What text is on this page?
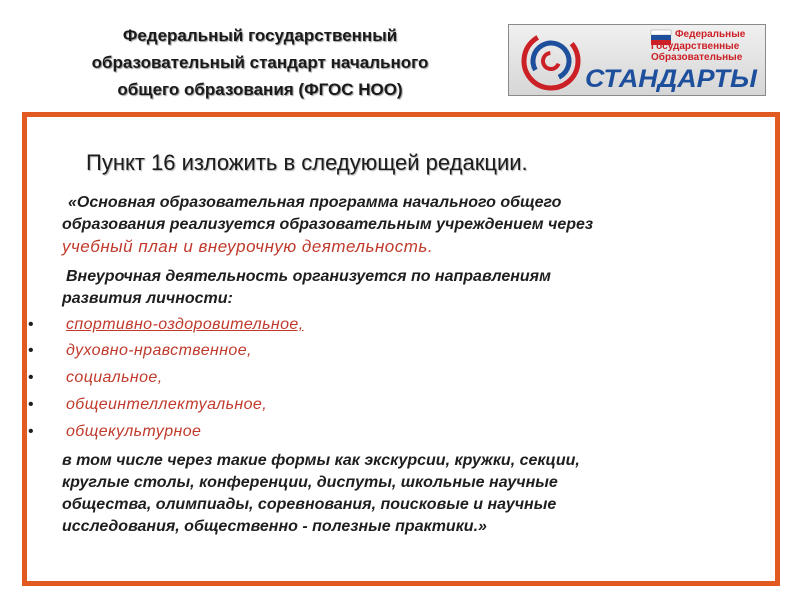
Федеральный государственный
образовательный стандарт начального
общего образования (ФГОС НОО)
Федеральные
Государственные
Образовательные
СТАНДАРТЫ
Пункт 16 изложить в следующей редакции.
«Основная образовательная программа начального общего
образования реализуется образовательным учреждением через
учебный план и внеурочную деятельность.
Внеурочная деятельность организуется по направлениям
развития личности:
• спортивно-оздоровительное,
• духовно-нравственное,
• социальное,
• общеинтеллектуальное,
• общекультурное
в том числе через такие формы как экскурсии, кружки, секции,
круглые столы, конференции, диспуты, школьные научные
общества, олимпиады, соревнования, поисковые и научные
исследования, общественно - полезные практики.»
